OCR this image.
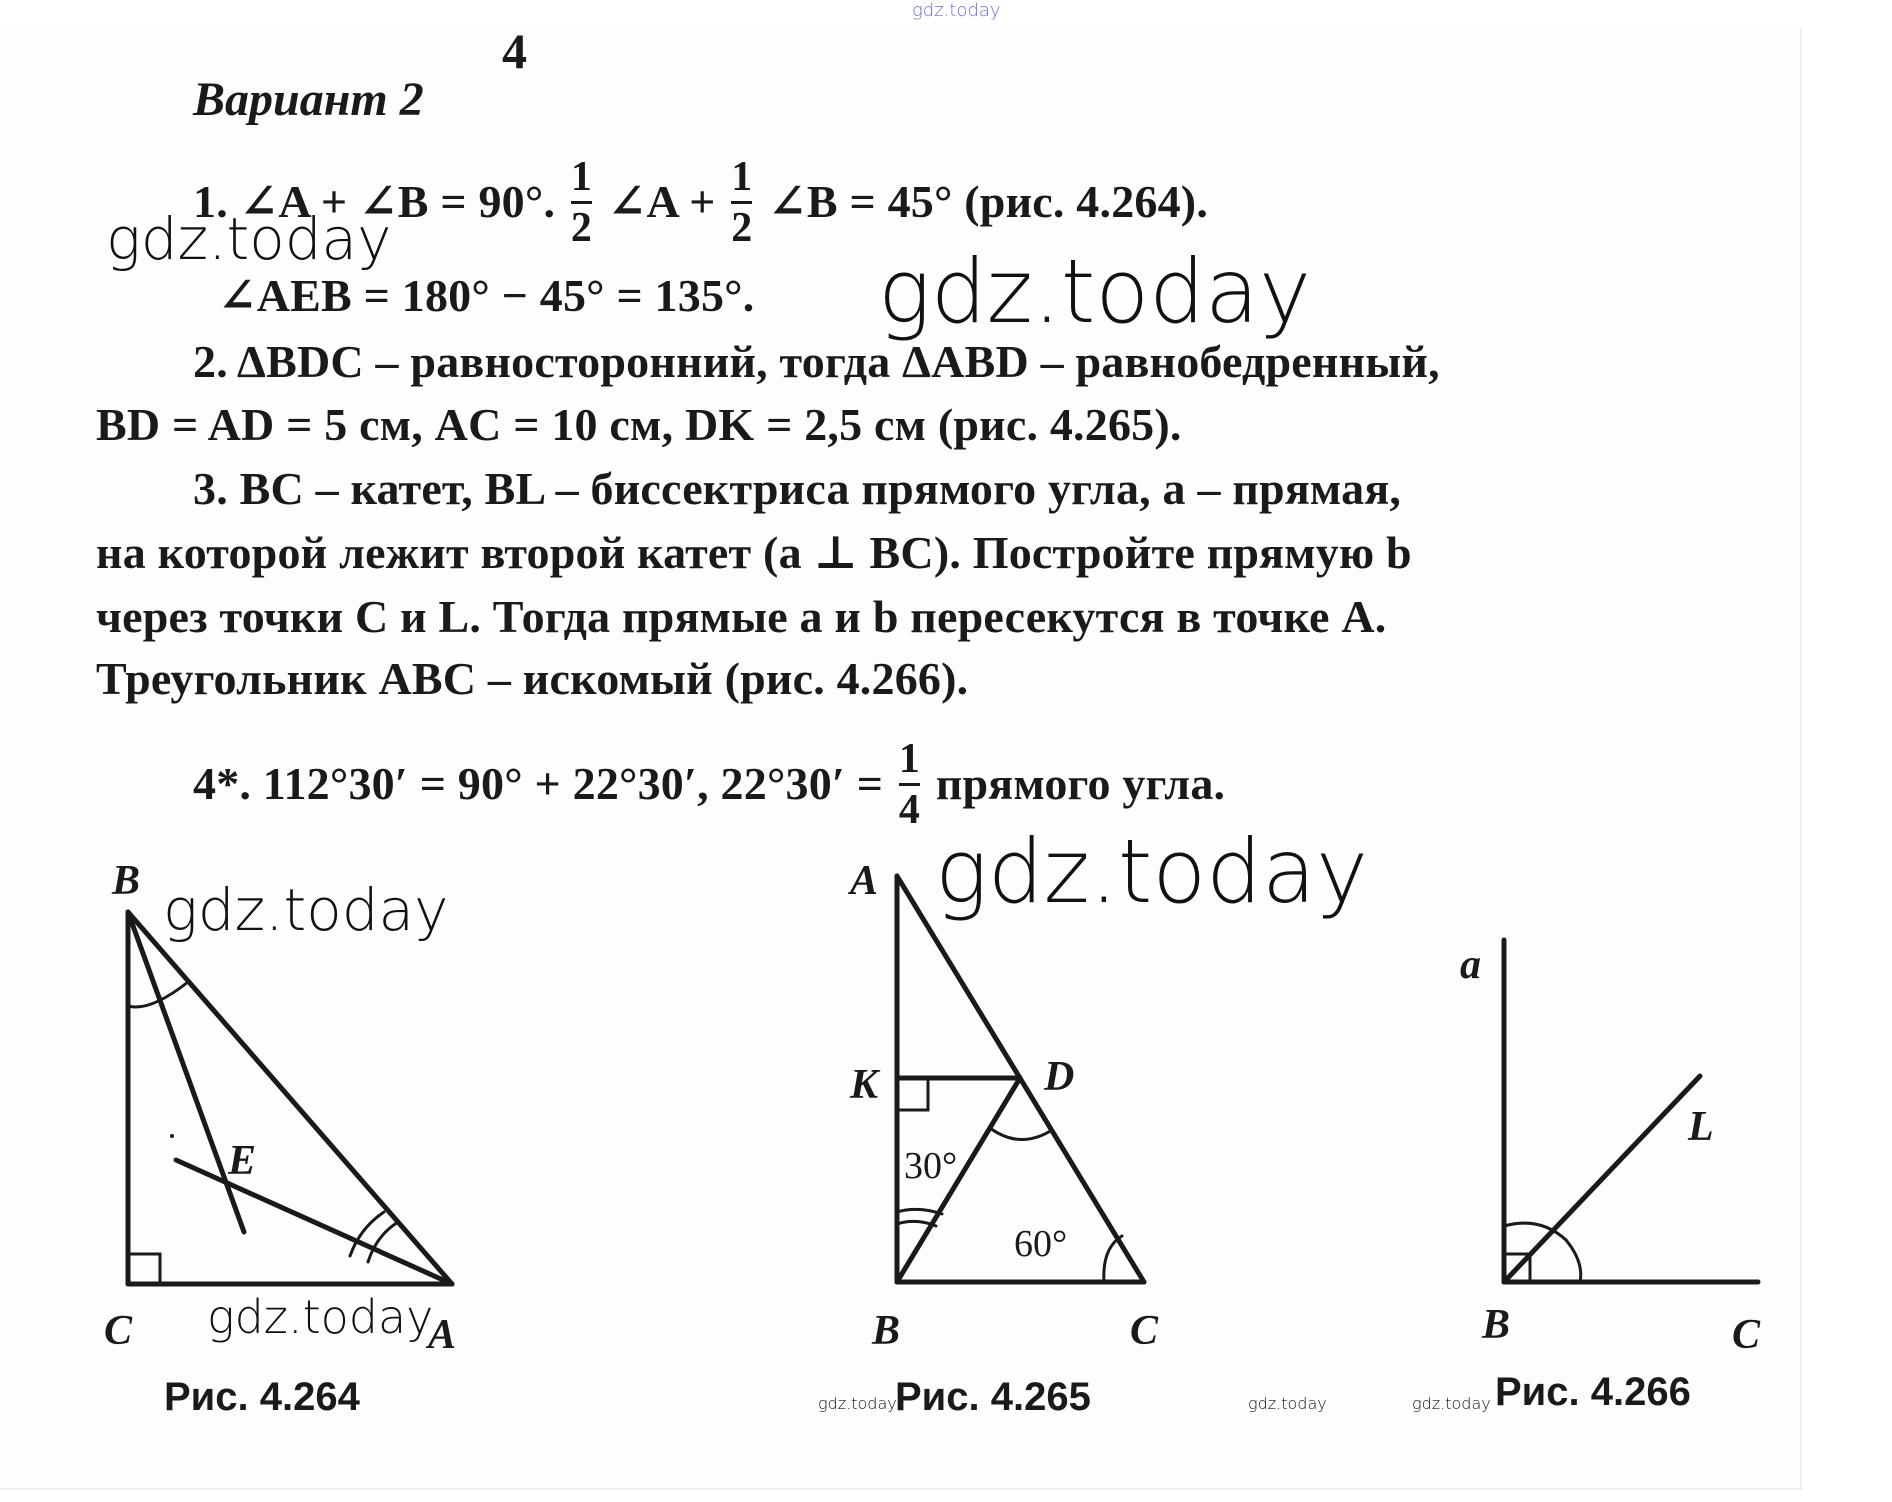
gdz.today
4
Вариант 2
1. ∠A + ∠B = 90°. $\frac{1}{2}$ ∠A + $\frac{1}{2}$ ∠B = 45° (рис. 4.264).
∠AEB = 180° − 45° = 135°.
2. ΔBDC – равносторонний, тогда ΔABD – равнобедренный,
BD = AD = 5 см, AC = 10 см, DK = 2,5 см (рис. 4.265).
3. BC – катет, BL – биссектриса прямого угла, a – прямая,
на которой лежит второй катет (a ⊥ BC). Постройте прямую b
через точки C и L. Тогда прямые a и b пересекутся в точке A.
Треугольник ABC – искомый (рис. 4.266).
4*. 112°30′ = 90° + 22°30′, $22^\circ 30' = \frac{1}{4}$ прямого угла.
B
C	A
E
A
K	D
B	C
30°
60°
a
L
B	C
Рис. 4.264	Рис. 4.265	Рис. 4.266
gdz.today
gdz.today
gdz.today	gdz.today
gdz.today
gdz.today	gdz.today	gdz.today
